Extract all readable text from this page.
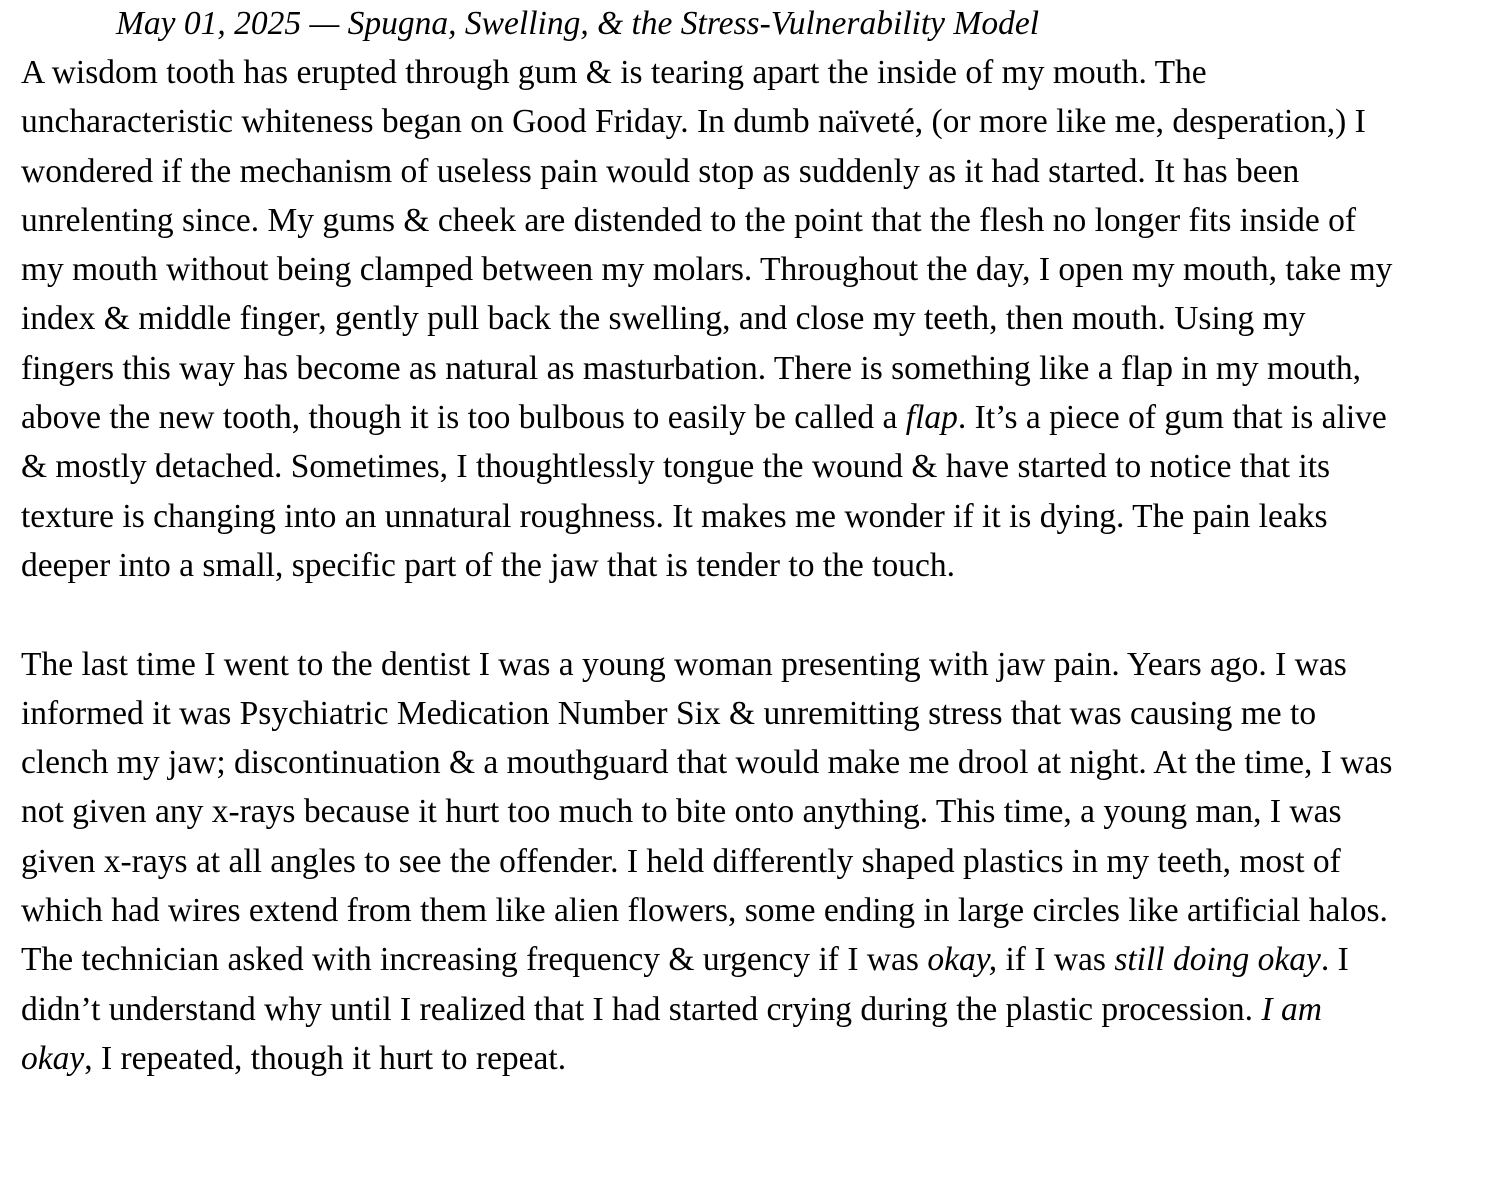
May 01, 2025 — Spugna, Swelling, & the Stress-Vulnerability Model

A wisdom tooth has erupted through gum & is tearing apart the inside of my mouth. The uncharacteristic whiteness began on Good Friday. In dumb naïveté, (or more like me, desperation,) I wondered if the mechanism of useless pain would stop as suddenly as it had started. It has been unrelenting since. My gums & cheek are distended to the point that the flesh no longer fits inside of my mouth without being clamped between my molars. Throughout the day, I open my mouth, take my index & middle finger, gently pull back the swelling, and close my teeth, then mouth. Using my fingers this way has become as natural as masturbation. There is something like a flap in my mouth, above the new tooth, though it is too bulbous to easily be called a flap. It’s a piece of gum that is alive & mostly detached. Sometimes, I thoughtlessly tongue the wound & have started to notice that its texture is changing into an unnatural roughness. It makes me wonder if it is dying. The pain leaks deeper into a small, specific part of the jaw that is tender to the touch.

The last time I went to the dentist I was a young woman presenting with jaw pain. Years ago. I was informed it was Psychiatric Medication Number Six & unremitting stress that was causing me to clench my jaw; discontinuation & a mouthguard that would make me drool at night. At the time, I was not given any x-rays because it hurt too much to bite onto anything. This time, a young man, I was given x-rays at all angles to see the offender. I held differently shaped plastics in my teeth, most of which had wires extend from them like alien flowers, some ending in large circles like artificial halos. The technician asked with increasing frequency & urgency if I was okay, if I was still doing okay. I didn’t understand why until I realized that I had started crying during the plastic procession. I am okay, I repeated, though it hurt to repeat.
